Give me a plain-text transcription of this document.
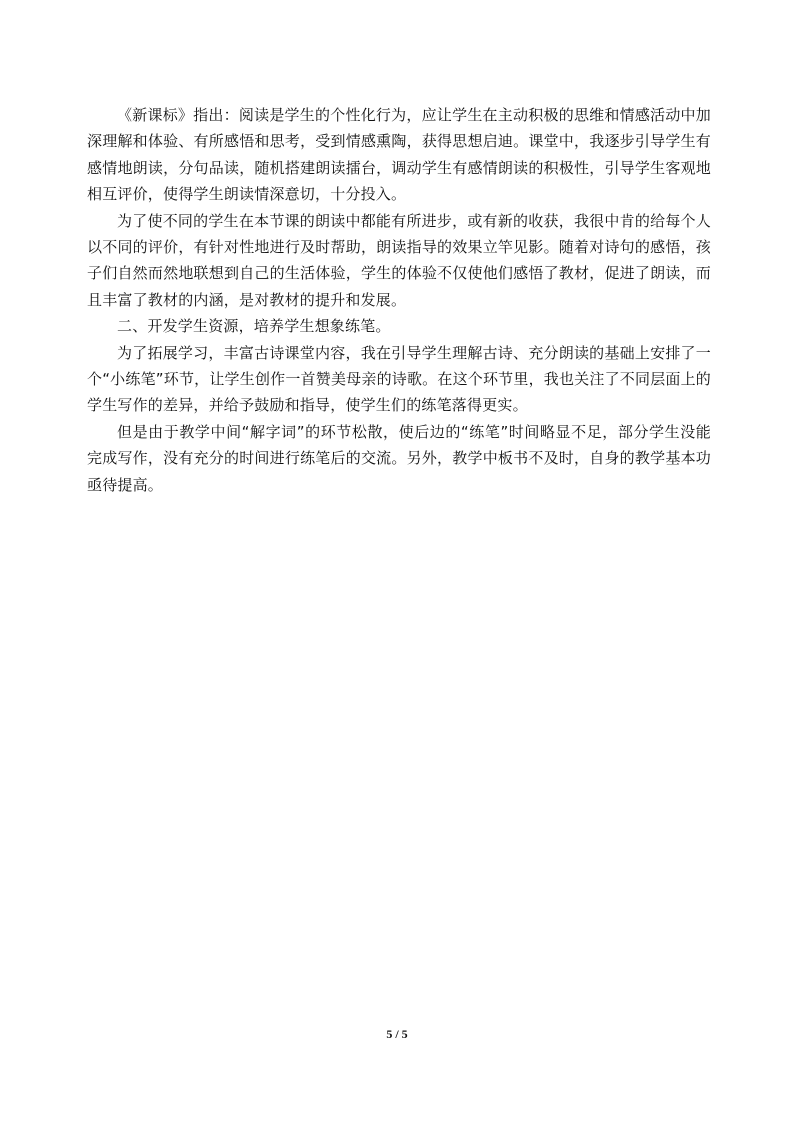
《新课标》指出：阅读是学生的个性化行为，应让学生在主动积极的思维和情感活动中加深理解和体验、有所感悟和思考，受到情感熏陶，获得思想启迪。课堂中，我逐步引导学生有感情地朗读，分句品读，随机搭建朗读擂台，调动学生有感情朗读的积极性，引导学生客观地相互评价，使得学生朗读情深意切，十分投入。

为了使不同的学生在本节课的朗读中都能有所进步，或有新的收获，我很中肯的给每个人以不同的评价，有针对性地进行及时帮助，朗读指导的效果立竿见影。随着对诗句的感悟，孩子们自然而然地联想到自己的生活体验，学生的体验不仅使他们感悟了教材，促进了朗读，而且丰富了教材的内涵，是对教材的提升和发展。

二、开发学生资源，培养学生想象练笔。

为了拓展学习，丰富古诗课堂内容，我在引导学生理解古诗、充分朗读的基础上安排了一个“小练笔”环节，让学生创作一首赞美母亲的诗歌。在这个环节里，我也关注了不同层面上的学生写作的差异，并给予鼓励和指导，使学生们的练笔落得更实。

但是由于教学中间“解字词”的环节松散，使后边的“练笔”时间略显不足，部分学生没能完成写作，没有充分的时间进行练笔后的交流。另外，教学中板书不及时，自身的教学基本功亟待提高。

5 / 5
